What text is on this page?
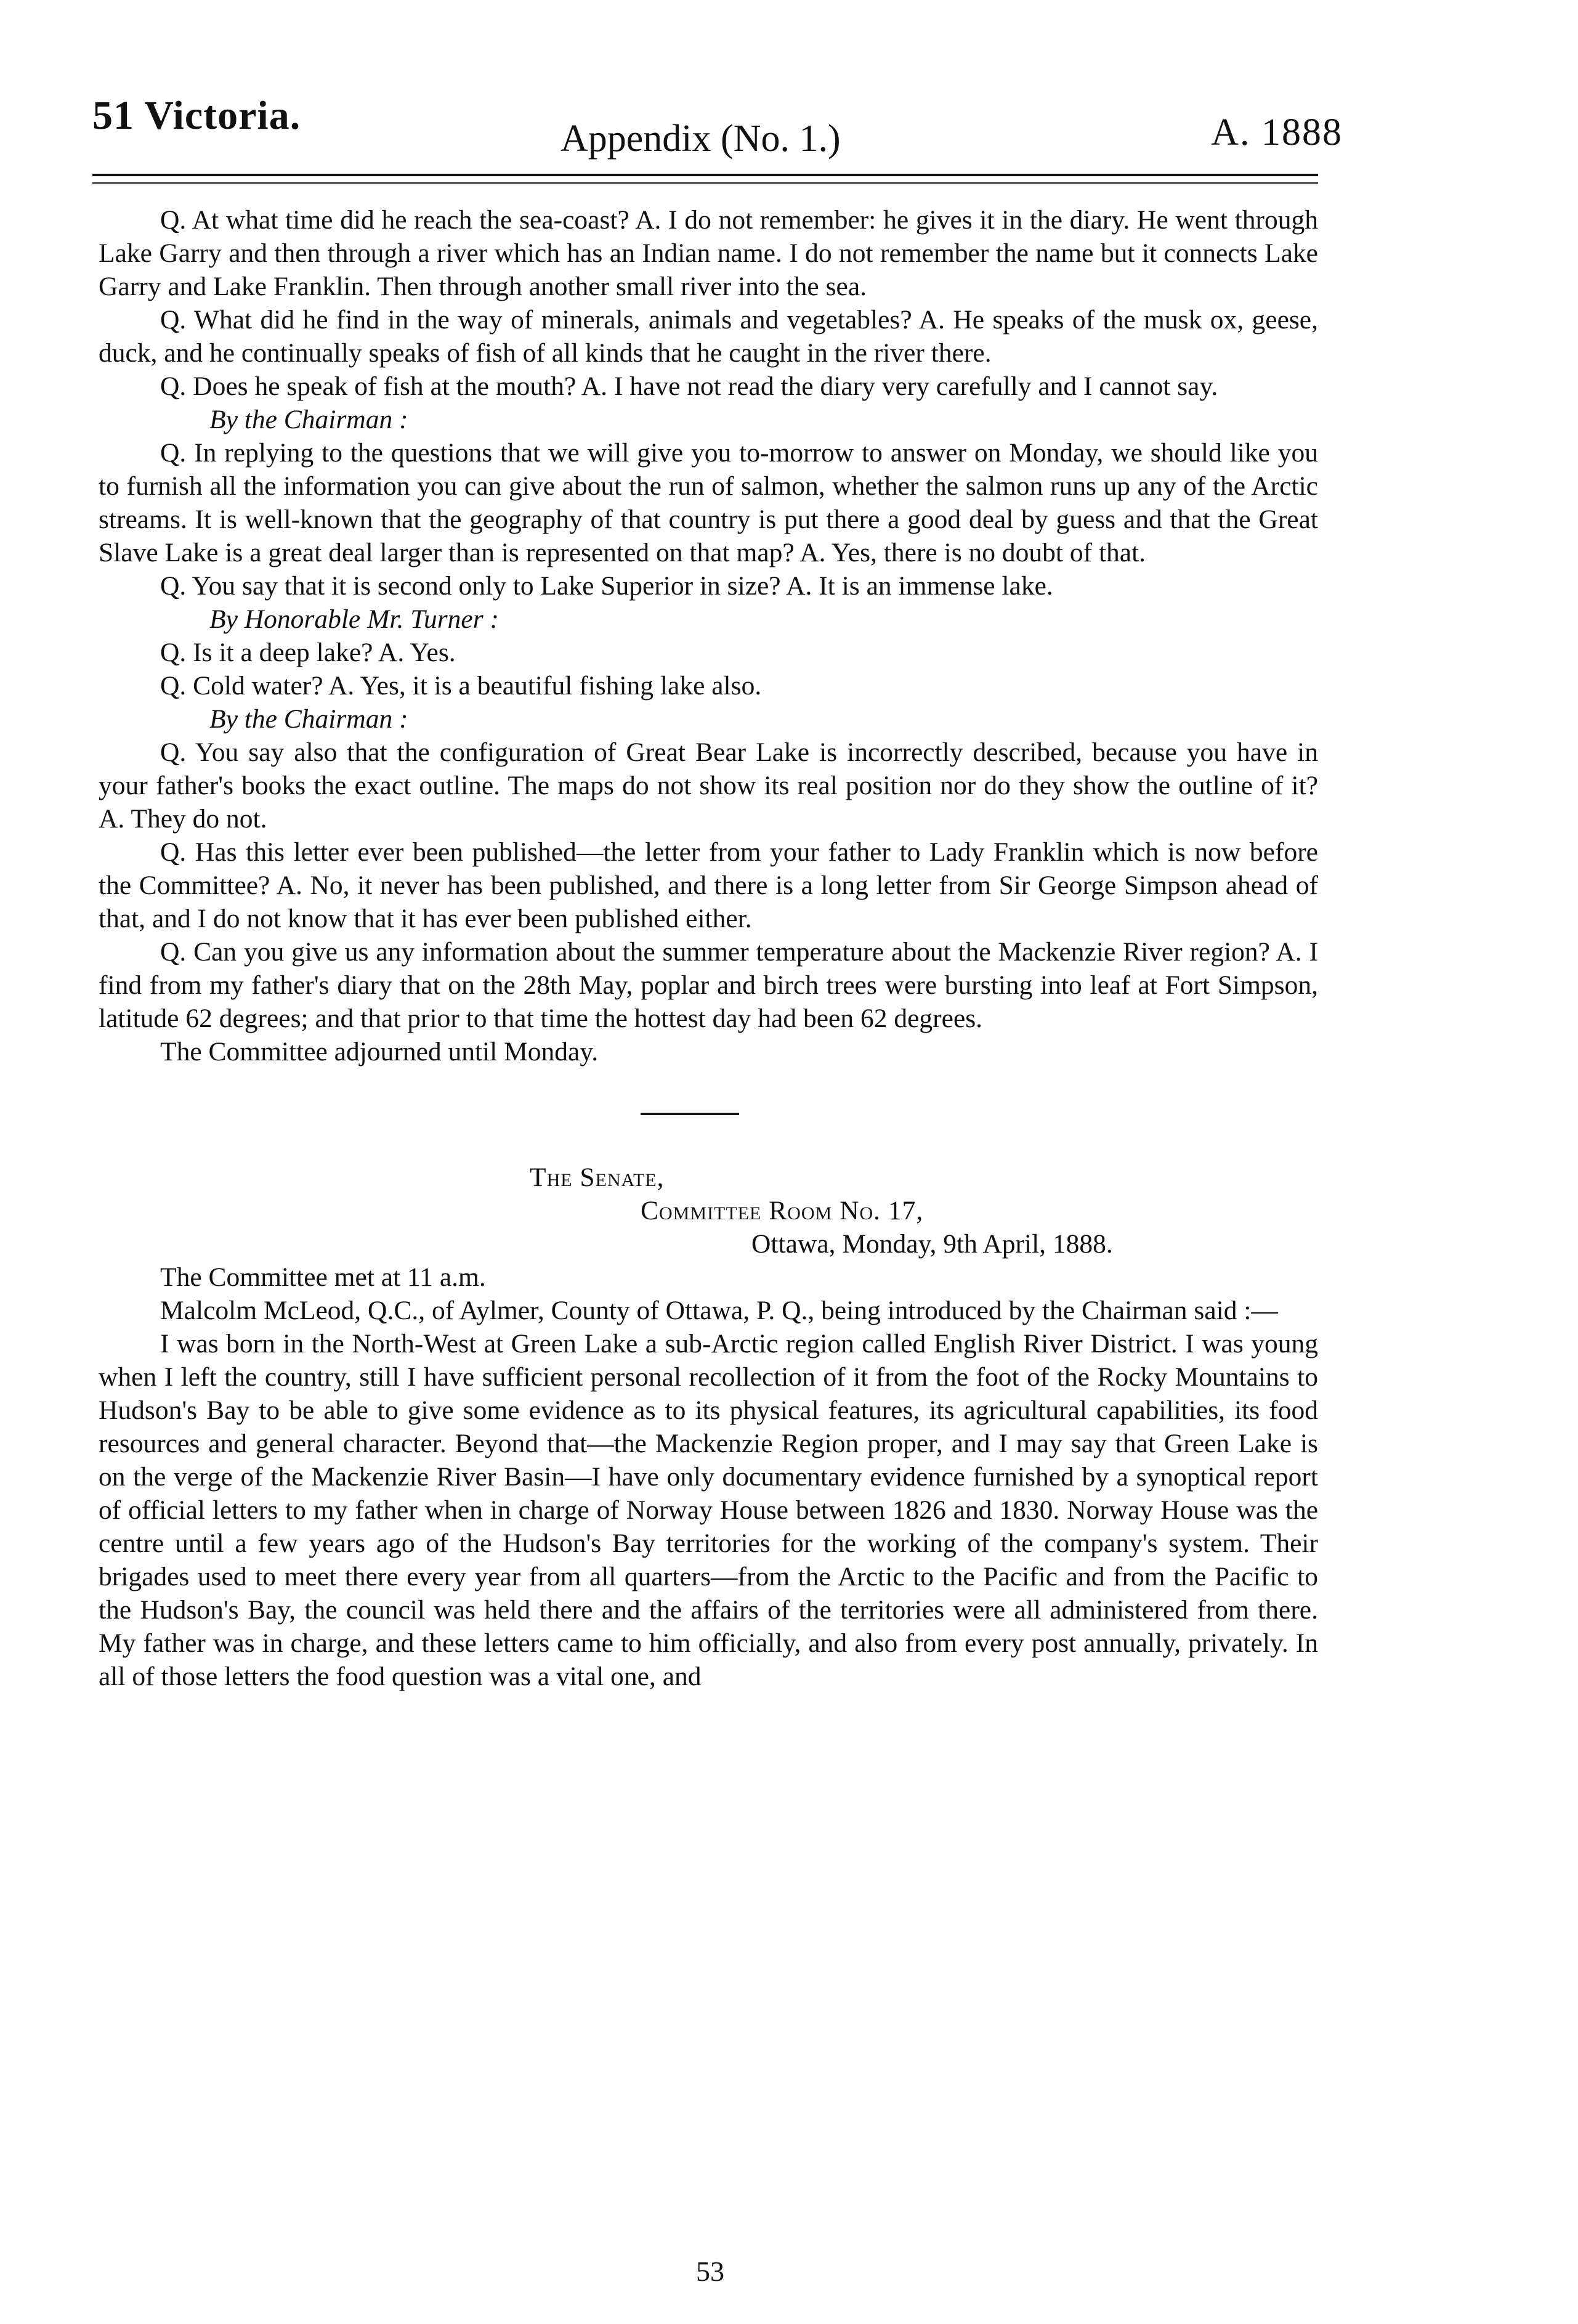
51 Victoria.
Appendix (No. 1.)	A. 1888

Q. At what time did he reach the sea-coast? A. I do not remember: he gives it in the diary. He went through Lake Garry and then through a river which has an Indian name. I do not remember the name but it connects Lake Garry and Lake Franklin. Then through another small river into the sea.

Q. What did he find in the way of minerals, animals and vegetables? A. He speaks of the musk ox, geese, duck, and he continually speaks of fish of all kinds that he caught in the river there.

Q. Does he speak of fish at the mouth? A. I have not read the diary very carefully and I cannot say.

By the Chairman :

Q. In replying to the questions that we will give you to-morrow to answer on Monday, we should like you to furnish all the information you can give about the run of salmon, whether the salmon runs up any of the Arctic streams. It is well-known that the geography of that country is put there a good deal by guess and that the Great Slave Lake is a great deal larger than is represented on that map? A. Yes, there is no doubt of that.

Q. You say that it is second only to Lake Superior in size? A. It is an immense lake.

By Honorable Mr. Turner :

Q. Is it a deep lake? A. Yes.

Q. Cold water? A. Yes, it is a beautiful fishing lake also.

By the Chairman :

Q. You say also that the configuration of Great Bear Lake is incorrectly described, because you have in your father's books the exact outline. The maps do not show its real position nor do they show the outline of it? A. They do not.

Q. Has this letter ever been published—the letter from your father to Lady Franklin which is now before the Committee? A. No, it never has been published, and there is a long letter from Sir George Simpson ahead of that, and I do not know that it has ever been published either.

Q. Can you give us any information about the summer temperature about the Mackenzie River region? A. I find from my father's diary that on the 28th May, poplar and birch trees were bursting into leaf at Fort Simpson, latitude 62 degrees; and that prior to that time the hottest day had been 62 degrees.

The Committee adjourned until Monday.

The Senate,
Committee Room No. 17,
Ottawa, Monday, 9th April, 1888.

The Committee met at 11 a.m.

Malcolm McLeod, Q.C., of Aylmer, County of Ottawa, P. Q., being introduced by the Chairman said :—

I was born in the North-West at Green Lake a sub-Arctic region called English River District. I was young when I left the country, still I have sufficient personal recollection of it from the foot of the Rocky Mountains to Hudson's Bay to be able to give some evidence as to its physical features, its agricultural capabilities, its food resources and general character. Beyond that—the Mackenzie Region proper, and I may say that Green Lake is on the verge of the Mackenzie River Basin—I have only documentary evidence furnished by a synoptical report of official letters to my father when in charge of Norway House between 1826 and 1830. Norway House was the centre until a few years ago of the Hudson's Bay territories for the working of the company's system. Their brigades used to meet there every year from all quarters—from the Arctic to the Pacific and from the Pacific to the Hudson's Bay, the council was held there and the affairs of the territories were all administered from there. My father was in charge, and these letters came to him officially, and also from every post annually, privately. In all of those letters the food question was a vital one, and

53
